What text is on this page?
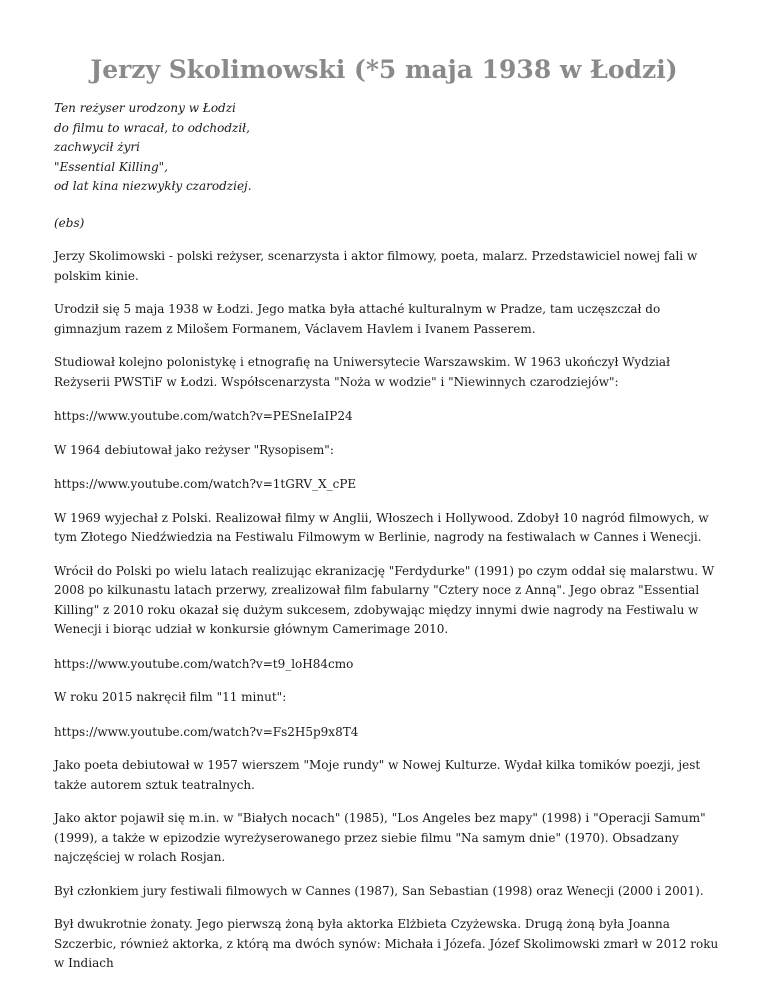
Jerzy Skolimowski (*5 maja 1938 w Łodzi)
Ten reżyser urodzony w Łodzi
do filmu to wracał, to odchodził,
zachwycił żyri
"Essential Killing",
od lat kina niezwykły czarodziej.

(ebs)

Jerzy Skolimowski - polski reżyser, scenarzysta i aktor filmowy, poeta, malarz. Przedstawiciel nowej fali w polskim kinie.

Urodził się 5 maja 1938 w Łodzi. Jego matka była attaché kulturalnym w Pradze, tam uczęszczał do gimnazjum razem z Milošem Formanem, Václavem Havlem i Ivanem Passerem.

Studiował kolejno polonistykę i etnografię na Uniwersytecie Warszawskim. W 1963 ukończył Wydział Reżyserii PWSTiF w Łodzi. Współscenarzysta "Noża w wodzie" i "Niewinnych czarodziejów":

https://www.youtube.com/watch?v=PESneIaIP24

W 1964 debiutował jako reżyser "Rysopisem":

https://www.youtube.com/watch?v=1tGRV_X_cPE

W 1969 wyjechał z Polski. Realizował filmy w Anglii, Włoszech i Hollywood. Zdobył 10 nagród filmowych, w tym Złotego Niedźwiedzia na Festiwalu Filmowym w Berlinie, nagrody na festiwalach w Cannes i Wenecji.

Wrócił do Polski po wielu latach realizując ekranizację "Ferdydurke" (1991) po czym oddał się malarstwu. W 2008 po kilkunastu latach przerwy, zrealizował film fabularny "Cztery noce z Anną". Jego obraz "Essential Killing" z 2010 roku okazał się dużym sukcesem, zdobywając między innymi dwie nagrody na Festiwalu w Wenecji i biorąc udział w konkursie głównym Camerimage 2010.

https://www.youtube.com/watch?v=t9_loH84cmo

W roku 2015 nakręcił film "11 minut":

https://www.youtube.com/watch?v=Fs2H5p9x8T4

Jako poeta debiutował w 1957 wierszem "Moje rundy" w Nowej Kulturze. Wydał kilka tomików poezji, jest także autorem sztuk teatralnych.

Jako aktor pojawił się m.in. w "Białych nocach" (1985), "Los Angeles bez mapy" (1998) i "Operacji Samum" (1999), a także w epizodzie wyreżyserowanego przez siebie filmu "Na samym dnie" (1970). Obsadzany najczęściej w rolach Rosjan.

Był członkiem jury festiwali filmowych w Cannes (1987), San Sebastian (1998) oraz Wenecji (2000 i 2001).

Był dwukrotnie żonaty. Jego pierwszą żoną była aktorka Elżbieta Czyżewska. Drugą żoną była Joanna Szczerbic, również aktorka, z którą ma dwóch synów: Michała i Józefa. Józef Skolimowski zmarł w 2012 roku w Indiach
